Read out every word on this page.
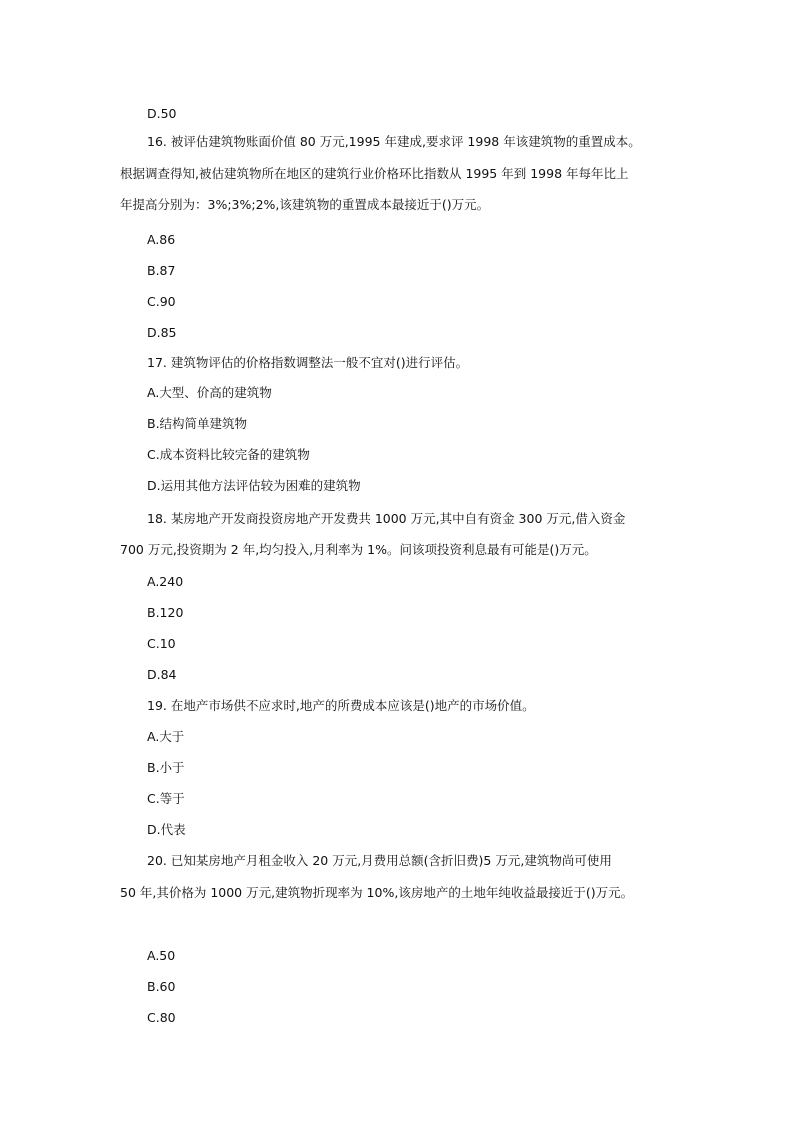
D.50
16. 被评估建筑物账面价值 80 万元,1995 年建成,要求评 1998 年该建筑物的重置成本。
根据调查得知,被估建筑物所在地区的建筑行业价格环比指数从 1995 年到 1998 年每年比上
年提高分别为：3%;3%;2%,该建筑物的重置成本最接近于()万元。
A.86
B.87
C.90
D.85
17. 建筑物评估的价格指数调整法一般不宜对()进行评估。
A.大型、价高的建筑物
B.结构简单建筑物
C.成本资料比较完备的建筑物
D.运用其他方法评估较为困难的建筑物
18. 某房地产开发商投资房地产开发费共 1000 万元,其中自有资金 300 万元,借入资金
700 万元,投资期为 2 年,均匀投入,月利率为 1%。问该项投资利息最有可能是()万元。
A.240
B.120
C.10
D.84
19. 在地产市场供不应求时,地产的所费成本应该是()地产的市场价值。
A.大于
B.小于
C.等于
D.代表
20. 已知某房地产月租金收入 20 万元,月费用总额(含折旧费)5 万元,建筑物尚可使用
50 年,其价格为 1000 万元,建筑物折现率为 10%,该房地产的土地年纯收益最接近于()万元。
A.50
B.60
C.80
